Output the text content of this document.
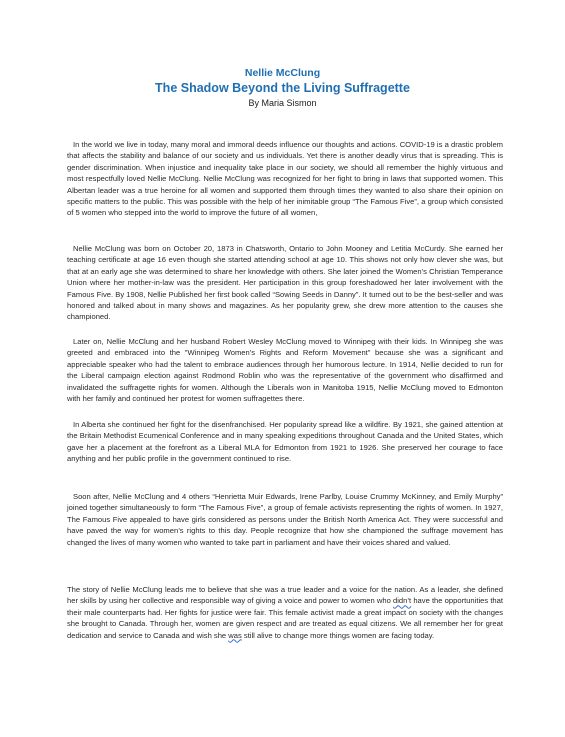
Nellie McClung
The Shadow Beyond the Living Suffragette
By Maria Sismon

In the world we live in today, many moral and immoral deeds influence our thoughts and actions. COVID-19 is a drastic problem that affects the stability and balance of our society and us individuals. Yet there is another deadly virus that is spreading. This is gender discrimination. When injustice and inequality take place in our society, we should all remember the highly virtuous and most respectfully loved Nellie McClung. Nellie McClung was recognized for her fight to bring in laws that supported women. This Albertan leader was a true heroine for all women and supported them through times they wanted to also share their opinion on specific matters to the public. This was possible with the help of her inimitable group “The Famous Five”, a group which consisted of 5 women who stepped into the world to improve the future of all women,

Nellie McClung was born on October 20, 1873 in Chatsworth, Ontario to John Mooney and Letitia McCurdy. She earned her teaching certificate at age 16 even though she started attending school at age 10. This shows not only how clever she was, but that at an early age she was determined to share her knowledge with others. She later joined the Women’s Christian Temperance Union where her mother-in-law was the president. Her participation in this group foreshadowed her later involvement with the Famous Five. By 1908, Nellie Published her first book called “Sowing Seeds in Danny”. It turned out to be the best-seller and was honored and talked about in many shows and magazines. As her popularity grew, she drew more attention to the causes she championed.

Later on, Nellie McClung and her husband Robert Wesley McClung moved to Winnipeg with their kids. In Winnipeg she was greeted and embraced into the "Winnipeg Women's Rights and Reform Movement" because she was a significant and appreciable speaker who had the talent to embrace audiences through her humorous lecture. In 1914, Nellie decided to run for the Liberal campaign election against Rodmond Roblin who was the representative of the government who disaffirmed and invalidated the suffragette rights for women. Although the Liberals won in Manitoba 1915, Nellie McClung moved to Edmonton with her family and continued her protest for women suffragettes there.

In Alberta she continued her fight for the disenfranchised. Her popularity spread like a wildfire. By 1921, she gained attention at the Britain Methodist Ecumenical Conference and in many speaking expeditions throughout Canada and the United States, which gave her a placement at the forefront as a Liberal MLA for Edmonton from 1921 to 1926. She preserved her courage to face anything and her public profile in the government continued to rise.

Soon after, Nellie McClung and 4 others “Henrietta Muir Edwards, Irene Parlby, Louise Crummy McKinney, and Emily Murphy” joined together simultaneously to form “The Famous Five”, a group of female activists representing the rights of women. In 1927, The Famous Five appealed to have girls considered as persons under the British North America Act. They were successful and have paved the way for women’s rights to this day. People recognize that how she championed the suffrage movement has changed the lives of many women who wanted to take part in parliament and have their voices shared and valued.

The story of Nellie McClung leads me to believe that she was a true leader and a voice for the nation. As a leader, she defined her skills by using her collective and responsible way of giving a voice and power to women who didn’t have the opportunities that their male counterparts had. Her fights for justice were fair. This female activist made a great impact on society with the changes she brought to Canada. Through her, women are given respect and are treated as equal citizens. We all remember her for great dedication and service to Canada and wish she was still alive to change more things women are facing today.
